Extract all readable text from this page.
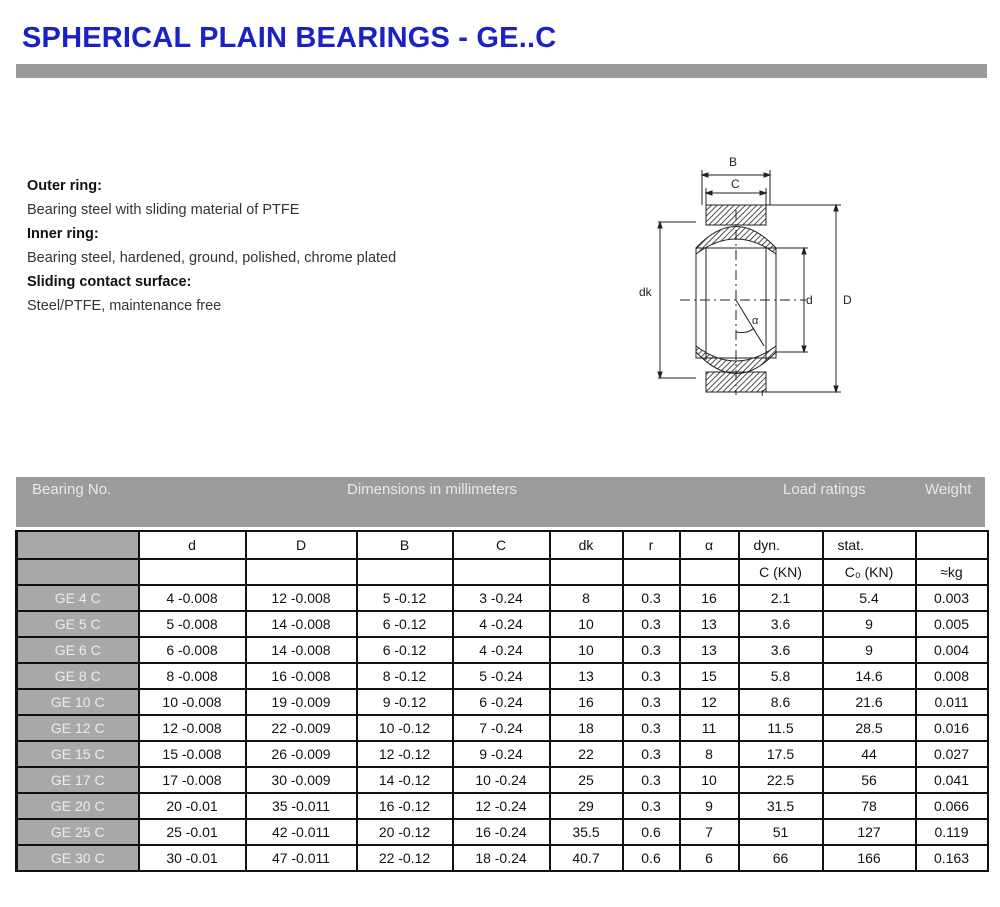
SPHERICAL PLAIN BEARINGS - GE..C
Outer ring:
Bearing steel with sliding material of PTFE
Inner ring:
Bearing steel, hardened, ground, polished, chrome plated
Sliding contact surface:
Steel/PTFE, maintenance free
B
C
dk
d	D
α
r
Bearing No.	Dimensions in millimeters	Load ratings	Weight
	d	D	B	C	dk	r	α	dyn.	stat.	
								C (KN)	C₀ (KN)	≈kg
GE 4 C	4 -0.008	12 -0.008	5 -0.12	3 -0.24	8	0.3	16	2.1	5.4	0.003
GE 5 C	5 -0.008	14 -0.008	6 -0.12	4 -0.24	10	0.3	13	3.6	9	0.005
GE 6 C	6 -0.008	14 -0.008	6 -0.12	4 -0.24	10	0.3	13	3.6	9	0.004
GE 8 C	8 -0.008	16 -0.008	8 -0.12	5 -0.24	13	0.3	15	5.8	14.6	0.008
GE 10 C	10 -0.008	19 -0.009	9 -0.12	6 -0.24	16	0.3	12	8.6	21.6	0.011
GE 12 C	12 -0.008	22 -0.009	10 -0.12	7 -0.24	18	0.3	11	11.5	28.5	0.016
GE 15 C	15 -0.008	26 -0.009	12 -0.12	9 -0.24	22	0.3	8	17.5	44	0.027
GE 17 C	17 -0.008	30 -0.009	14 -0.12	10 -0.24	25	0.3	10	22.5	56	0.041
GE 20 C	20 -0.01	35 -0.011	16 -0.12	12 -0.24	29	0.3	9	31.5	78	0.066
GE 25 C	25 -0.01	42 -0.011	20 -0.12	16 -0.24	35.5	0.6	7	51	127	0.119
GE 30 C	30 -0.01	47 -0.011	22 -0.12	18 -0.24	40.7	0.6	6	66	166	0.163
